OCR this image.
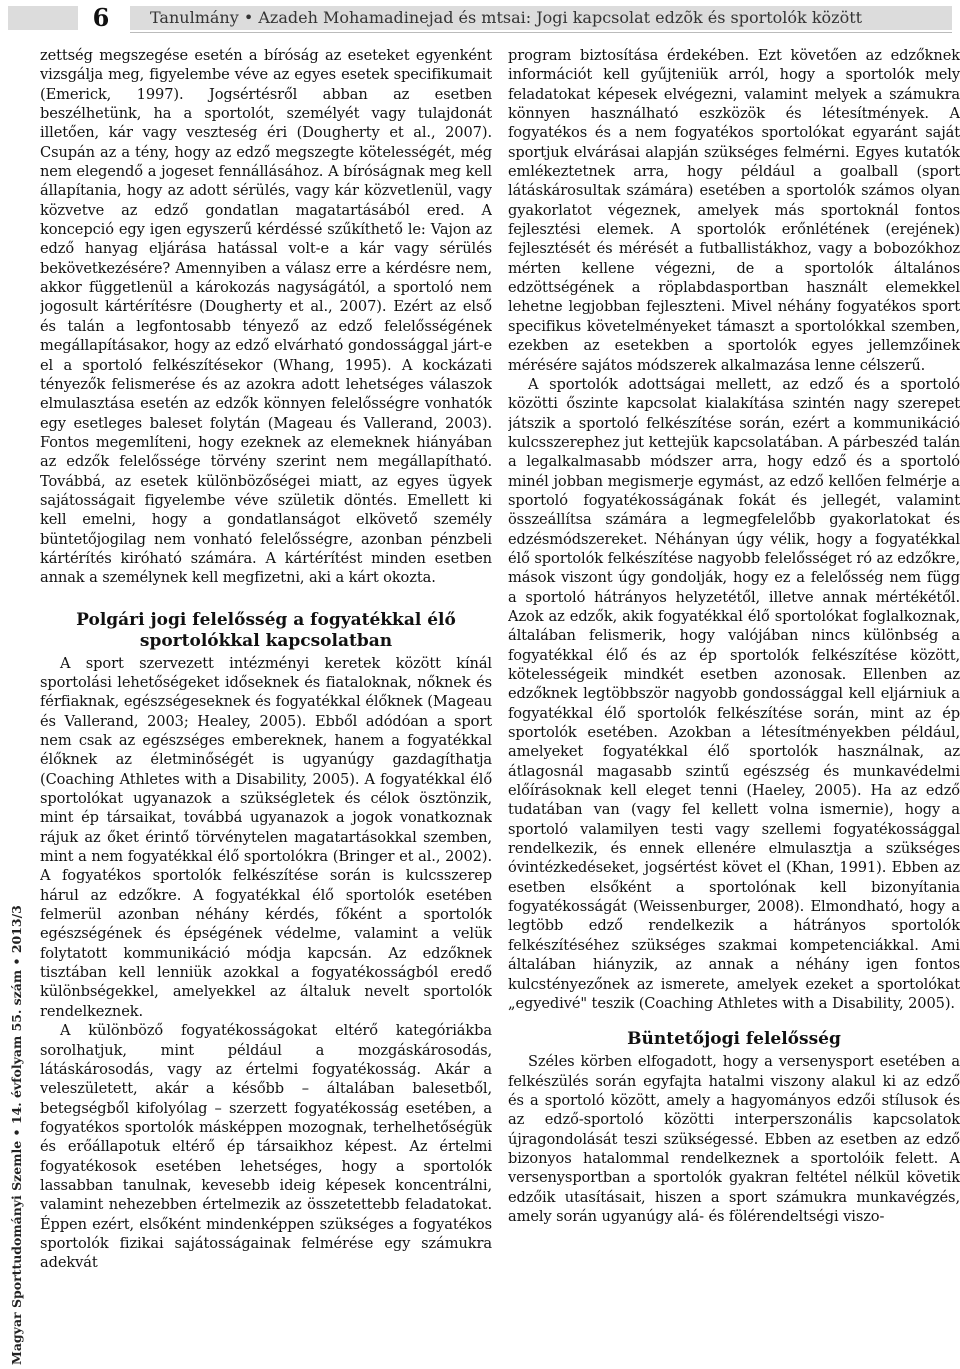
6	Tanulmány • Azadeh Mohamadinejad és mtsai: Jogi kapcsolat edzõk és sportolók között
Magyar Sporttudományi Szemle • 14. évfolyam 55. szám • 2013/3

zettség megszegése esetén a bíróság az eseteket egyenként vizsgálja meg, figyelembe véve az egyes esetek specifikumait (Emerick, 1997). Jogsértésről abban az esetben beszélhetünk, ha a sportolót, személyét vagy tulajdonát illetően, kár vagy veszteség éri (Dougherty et al., 2007). Csupán az a tény, hogy az edző megszegte kötelességét, még nem elegendő a jogeset fennállásához. A bíróságnak meg kell állapítania, hogy az adott sérülés, vagy kár közvetlenül, vagy közvetve az edző gondatlan magatartásából ered. A koncepció egy igen egyszerű kérdéssé szűkíthető le: Vajon az edző hanyag eljárása hatással volt-e a kár vagy sérülés bekövetkezésére? Amennyiben a válasz erre a kérdésre nem, akkor függetlenül a károkozás nagyságától, a sportoló nem jogosult kártérítésre (Dougherty et al., 2007). Ezért az első és talán a legfontosabb tényező az edző felelősségének megállapításakor, hogy az edző elvárható gondossággal járt-e el a sportoló felkészítésekor (Whang, 1995). A kockázati tényezők felismerése és az azokra adott lehetséges válaszok elmulasztása esetén az edzők könnyen felelősségre vonhatók egy esetleges baleset folytán (Mageau és Vallerand, 2003). Fontos megemlíteni, hogy ezeknek az elemeknek hiányában az edzők felelőssége törvény szerint nem megállapítható. Továbbá, az esetek különbözőségei miatt, az egyes ügyek sajátosságait figyelembe véve születik döntés. Emellett ki kell emelni, hogy a gondatlanságot elkövető személy büntetőjogilag nem vonható felelősségre, azonban pénzbeli kártérítés kiróható számára. A kártérítést minden esetben annak a személynek kell megfizetni, aki a kárt okozta.

Polgári jogi felelősség a fogyatékkal élő sportolókkal kapcsolatban

A sport szervezett intézményi keretek között kínál sportolási lehetőségeket időseknek és fiataloknak, nőknek és férfiaknak, egészségeseknek és fogyatékkal élőknek (Mageau és Vallerand, 2003; Healey, 2005). Ebből adódóan a sport nem csak az egészséges embereknek, hanem a fogyatékkal élőknek az életminőségét is ugyanúgy gazdagíthatja (Coaching Athletes with a Disability, 2005). A fogyatékkal élő sportolókat ugyanazok a szükségletek és célok ösztönzik, mint ép társaikat, továbbá ugyanazok a jogok vonatkoznak rájuk az őket érintő törvénytelen magatartásokkal szemben, mint a nem fogyatékkal élő sportolókra (Bringer et al., 2002). A fogyatékos sportolók felkészítése során is kulcsszerep hárul az edzőkre. A fogyatékkal élő sportolók esetében felmerül azonban néhány kérdés, főként a sportolók egészségének és épségének védelme, valamint a velük folytatott kommunikáció módja kapcsán. Az edzőknek tisztában kell lenniük azokkal a fogyatékosságból eredő különbségekkel, amelyekkel az általuk nevelt sportolók rendelkeznek.

A különböző fogyatékosságokat eltérő kategóriákba sorolhatjuk, mint például a mozgáskárosodás, látáskárosodás, vagy az értelmi fogyatékosság. Akár a veleszületett, akár a később – általában balesetből, betegségből kifolyólag – szerzett fogyatékosság esetében, a fogyatékos sportolók másképpen mozognak, terhelhetőségük és erőállapotuk eltérő ép társaikhoz képest. Az értelmi fogyatékosok esetében lehetséges, hogy a sportolók lassabban tanulnak, kevesebb ideig képesek koncentrálni, valamint nehezebben értelmezik az összetettebb feladatokat. Éppen ezért, elsőként mindenképpen szükséges a fogyatékos sportolók fizikai sajátosságainak felmérése egy számukra adekvát

program biztosítása érdekében. Ezt követően az edzőknek információt kell gyűjteniük arról, hogy a sportolók mely feladatokat képesek elvégezni, valamint melyek a számukra könnyen használható eszközök és létesítmények. A fogyatékos és a nem fogyatékos sportolókat egyaránt saját sportjuk elvárásai alapján szükséges felmérni. Egyes kutatók emlékeztetnek arra, hogy például a goalball (sport látáskárosultak számára) esetében a sportolók számos olyan gyakorlatot végeznek, amelyek más sportoknál fontos fejlesztési elemek. A sportolók erőnlétének (erejének) fejlesztését és mérését a futballistákhoz, vagy a bobozókhoz mérten kellene végezni, de a sportolók általános edzöttségének a röplabdasportban használt elemekkel lehetne legjobban fejleszteni. Mivel néhány fogyatékos sport specifikus követelményeket támaszt a sportolókkal szemben, ezekben az esetekben a sportolók egyes jellemzőinek mérésére sajátos módszerek alkalmazása lenne célszerű.

A sportolók adottságai mellett, az edző és a sportoló közötti őszinte kapcsolat kialakítása szintén nagy szerepet játszik a sportoló felkészítése során, ezért a kommunikáció kulcsszerephez jut kettejük kapcsolatában. A párbeszéd talán a legalkalmasabb módszer arra, hogy edző és a sportoló minél jobban megismerje egymást, az edző kellően felmérje a sportoló fogyatékosságának fokát és jellegét, valamint összeállítsa számára a legmegfelelőbb gyakorlatokat és edzésmódszereket. Néhányan úgy vélik, hogy a fogyatékkal élő sportolók felkészítése nagyobb felelősséget ró az edzőkre, mások viszont úgy gondolják, hogy ez a felelősség nem függ a sportoló hátrányos helyzetétől, illetve annak mértékétől. Azok az edzők, akik fogyatékkal élő sportolókat foglalkoznak, általában felismerik, hogy valójában nincs különbség a fogyatékkal élő és az ép sportolók felkészítése között, kötelességeik mindkét esetben azonosak. Ellenben az edzőknek legtöbbször nagyobb gondossággal kell eljárniuk a fogyatékkal élő sportolók felkészítése során, mint az ép sportolók esetében. Azokban a létesítményekben például, amelyeket fogyatékkal élő sportolók használnak, az átlagosnál magasabb szintű egészség és munkavédelmi előírásoknak kell eleget tenni (Haeley, 2005). Ha az edző tudatában van (vagy fel kellett volna ismernie), hogy a sportoló valamilyen testi vagy szellemi fogyatékossággal rendelkezik, és ennek ellenére elmulasztja a szükséges óvintézkedéseket, jogsértést követ el (Khan, 1991). Ebben az esetben elsőként a sportolónak kell bizonyítania fogyatékosságát (Weissenburger, 2008). Elmondható, hogy a legtöbb edző rendelkezik a hátrányos sportolók felkészítéséhez szükséges szakmai kompetenciákkal. Ami általában hiányzik, az annak a néhány igen fontos kulcstényezőnek az ismerete, amelyek ezeket a sportolókat „egyedivé" teszik (Coaching Athletes with a Disability, 2005).

Büntetőjogi felelősség

Széles körben elfogadott, hogy a versenysport esetében a felkészülés során egyfajta hatalmi viszony alakul ki az edző és a sportoló között, amely a hagyományos edzői stílusok és az edző-sportoló közötti interperszonális kapcsolatok újragondolását teszi szükségessé. Ebben az esetben az edző bizonyos hatalommal rendelkeznek a sportolóik felett. A versenysportban a sportolók gyakran feltétel nélkül követik edzőik utasításait, hiszen a sport számukra munkavégzés, amely során ugyanúgy alá- és fölérendeltségi viszo-
